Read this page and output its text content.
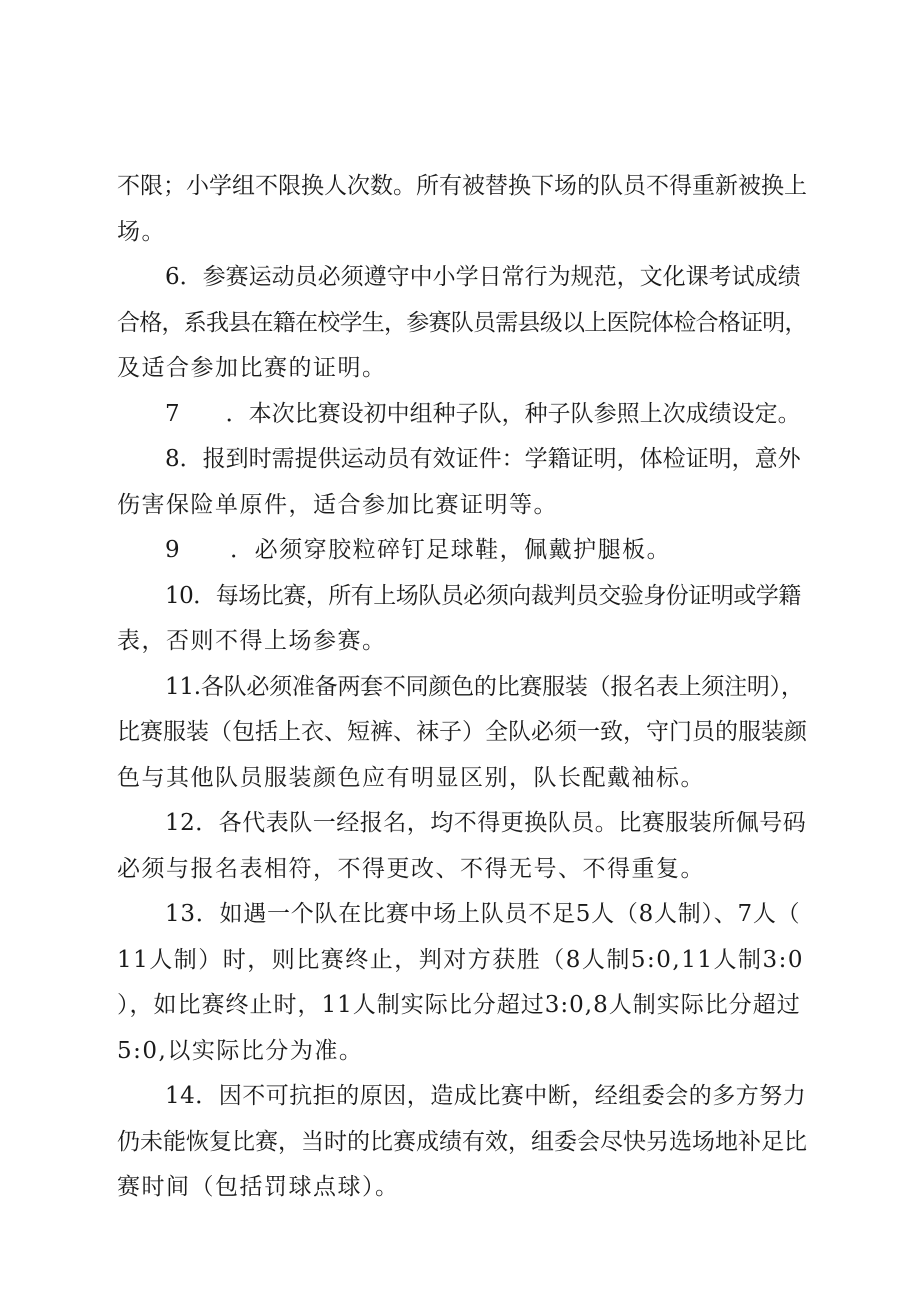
不限；小学组不限换人次数。所有被替换下场的队员不得重新被换上
场。
6．参赛运动员必须遵守中小学日常行为规范，文化课考试成绩
合格，系我县在籍在校学生，参赛队员需县级以上医院体检合格证明，
及适合参加比赛的证明。
7　　．本次比赛设初中组种子队，种子队参照上次成绩设定。
8．报到时需提供运动员有效证件：学籍证明，体检证明，意外
伤害保险单原件，适合参加比赛证明等。
9　　．必须穿胶粒碎钉足球鞋，佩戴护腿板。
10．每场比赛，所有上场队员必须向裁判员交验身份证明或学籍
表，否则不得上场参赛。
11.各队必须准备两套不同颜色的比赛服装（报名表上须注明），
比赛服装（包括上衣、短裤、袜子）全队必须一致，守门员的服装颜
色与其他队员服装颜色应有明显区别，队长配戴袖标。
12．各代表队一经报名，均不得更换队员。比赛服装所佩号码
必须与报名表相符，不得更改、不得无号、不得重复。
13．如遇一个队在比赛中场上队员不足5人（8人制）、7人（
11人制）时，则比赛终止，判对方获胜（8人制5:0,11人制3:0
），如比赛终止时，11人制实际比分超过3:0,8人制实际比分超过
5:0,以实际比分为准。
14．因不可抗拒的原因，造成比赛中断，经组委会的多方努力
仍未能恢复比赛，当时的比赛成绩有效，组委会尽快另选场地补足比
赛时间（包括罚球点球）。
